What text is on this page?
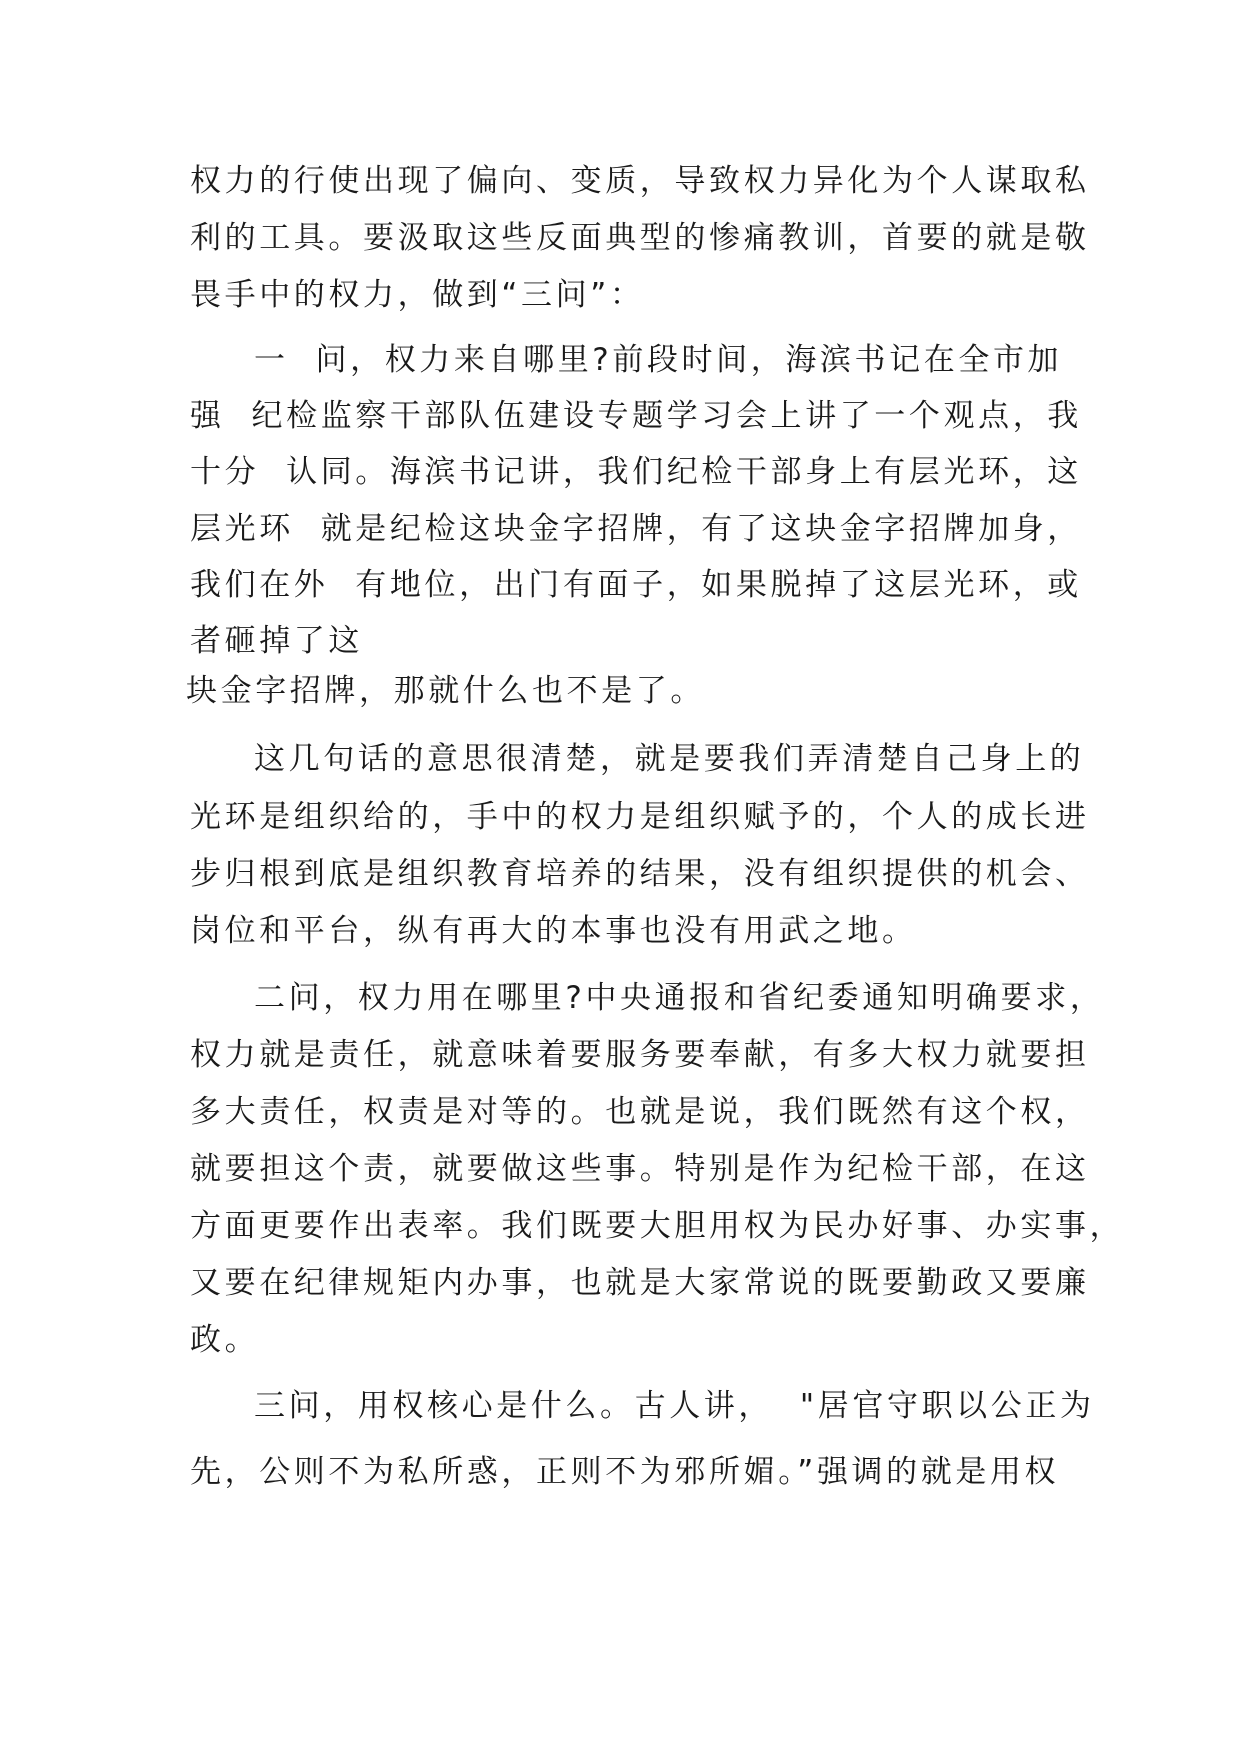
权力的行使出现了偏向、变质，导致权力异化为个人谋取私
利的工具。要汲取这些反面典型的惨痛教训，首要的就是敬
畏手中的权力，做到“三问”：
一  问，权力来自哪里?前段时间，海滨书记在全市加
强  纪检监察干部队伍建设专题学习会上讲了一个观点，我
十分  认同。海滨书记讲，我们纪检干部身上有层光环，这
层光环  就是纪检这块金字招牌，有了这块金字招牌加身，
我们在外  有地位，出门有面子，如果脱掉了这层光环，或
者砸掉了这
块金字招牌，那就什么也不是了。
这几句话的意思很清楚，就是要我们弄清楚自己身上的
光环是组织给的，手中的权力是组织赋予的，个人的成长进
步归根到底是组织教育培养的结果，没有组织提供的机会、
岗位和平台，纵有再大的本事也没有用武之地。
二问，权力用在哪里?中央通报和省纪委通知明确要求，
权力就是责任，就意味着要服务要奉献，有多大权力就要担
多大责任，权责是对等的。也就是说，我们既然有这个权，
就要担这个责，就要做这些事。特别是作为纪检干部，在这
方面更要作出表率。我们既要大胆用权为民办好事、办实事，
又要在纪律规矩内办事，也就是大家常说的既要勤政又要廉
政。
三问，用权核心是什么。古人讲，  "居官守职以公正为
先，公则不为私所惑，正则不为邪所媚。”强调的就是用权
